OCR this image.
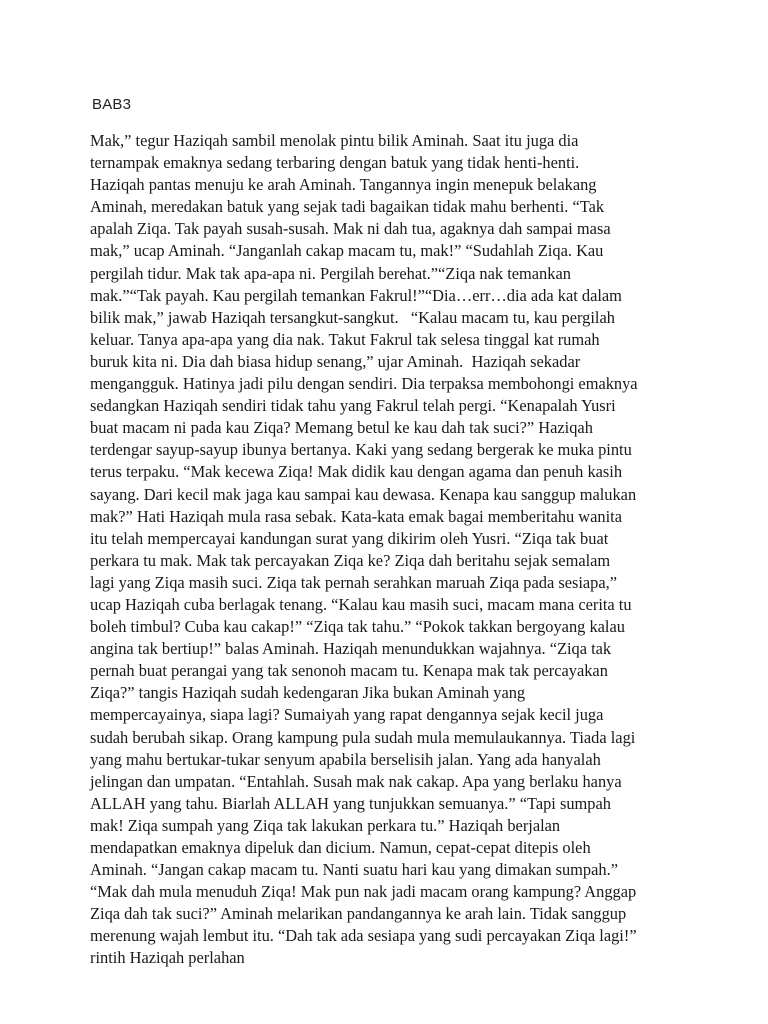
BAB3
Mak,” tegur Haziqah sambil menolak pintu bilik Aminah. Saat itu juga dia
ternampak emaknya sedang terbaring dengan batuk yang tidak henti-henti.
Haziqah pantas menuju ke arah Aminah. Tangannya ingin menepuk belakang
Aminah, meredakan batuk yang sejak tadi bagaikan tidak mahu berhenti. “Tak
apalah Ziqa. Tak payah susah-susah. Mak ni dah tua, agaknya dah sampai masa
mak,” ucap Aminah. “Janganlah cakap macam tu, mak!” “Sudahlah Ziqa. Kau
pergilah tidur. Mak tak apa-apa ni. Pergilah berehat.”“Ziqa nak temankan
mak.”“Tak payah. Kau pergilah temankan Fakrul!”“Dia…err…dia ada kat dalam
bilik mak,” jawab Haziqah tersangkut-sangkut.   “Kalau macam tu, kau pergilah
keluar. Tanya apa-apa yang dia nak. Takut Fakrul tak selesa tinggal kat rumah
buruk kita ni. Dia dah biasa hidup senang,” ujar Aminah.  Haziqah sekadar
mengangguk. Hatinya jadi pilu dengan sendiri. Dia terpaksa membohongi emaknya
sedangkan Haziqah sendiri tidak tahu yang Fakrul telah pergi. “Kenapalah Yusri
buat macam ni pada kau Ziqa? Memang betul ke kau dah tak suci?” Haziqah
terdengar sayup-sayup ibunya bertanya. Kaki yang sedang bergerak ke muka pintu
terus terpaku. “Mak kecewa Ziqa! Mak didik kau dengan agama dan penuh kasih
sayang. Dari kecil mak jaga kau sampai kau dewasa. Kenapa kau sanggup malukan
mak?” Hati Haziqah mula rasa sebak. Kata-kata emak bagai memberitahu wanita
itu telah mempercayai kandungan surat yang dikirim oleh Yusri. “Ziqa tak buat
perkara tu mak. Mak tak percayakan Ziqa ke? Ziqa dah beritahu sejak semalam
lagi yang Ziqa masih suci. Ziqa tak pernah serahkan maruah Ziqa pada sesiapa,”
ucap Haziqah cuba berlagak tenang. “Kalau kau masih suci, macam mana cerita tu
boleh timbul? Cuba kau cakap!” “Ziqa tak tahu.” “Pokok takkan bergoyang kalau
angina tak bertiup!” balas Aminah. Haziqah menundukkan wajahnya. “Ziqa tak
pernah buat perangai yang tak senonoh macam tu. Kenapa mak tak percayakan
Ziqa?” tangis Haziqah sudah kedengaran Jika bukan Aminah yang
mempercayainya, siapa lagi? Sumaiyah yang rapat dengannya sejak kecil juga
sudah berubah sikap. Orang kampung pula sudah mula memulaukannya. Tiada lagi
yang mahu bertukar-tukar senyum apabila berselisih jalan. Yang ada hanyalah
jelingan dan umpatan. “Entahlah. Susah mak nak cakap. Apa yang berlaku hanya
ALLAH yang tahu. Biarlah ALLAH yang tunjukkan semuanya.” “Tapi sumpah
mak! Ziqa sumpah yang Ziqa tak lakukan perkara tu.” Haziqah berjalan
mendapatkan emaknya dipeluk dan dicium. Namun, cepat-cepat ditepis oleh
Aminah. “Jangan cakap macam tu. Nanti suatu hari kau yang dimakan sumpah.”
“Mak dah mula menuduh Ziqa! Mak pun nak jadi macam orang kampung? Anggap
Ziqa dah tak suci?” Aminah melarikan pandangannya ke arah lain. Tidak sanggup
merenung wajah lembut itu. “Dah tak ada sesiapa yang sudi percayakan Ziqa lagi!”
rintih Haziqah perlahan
